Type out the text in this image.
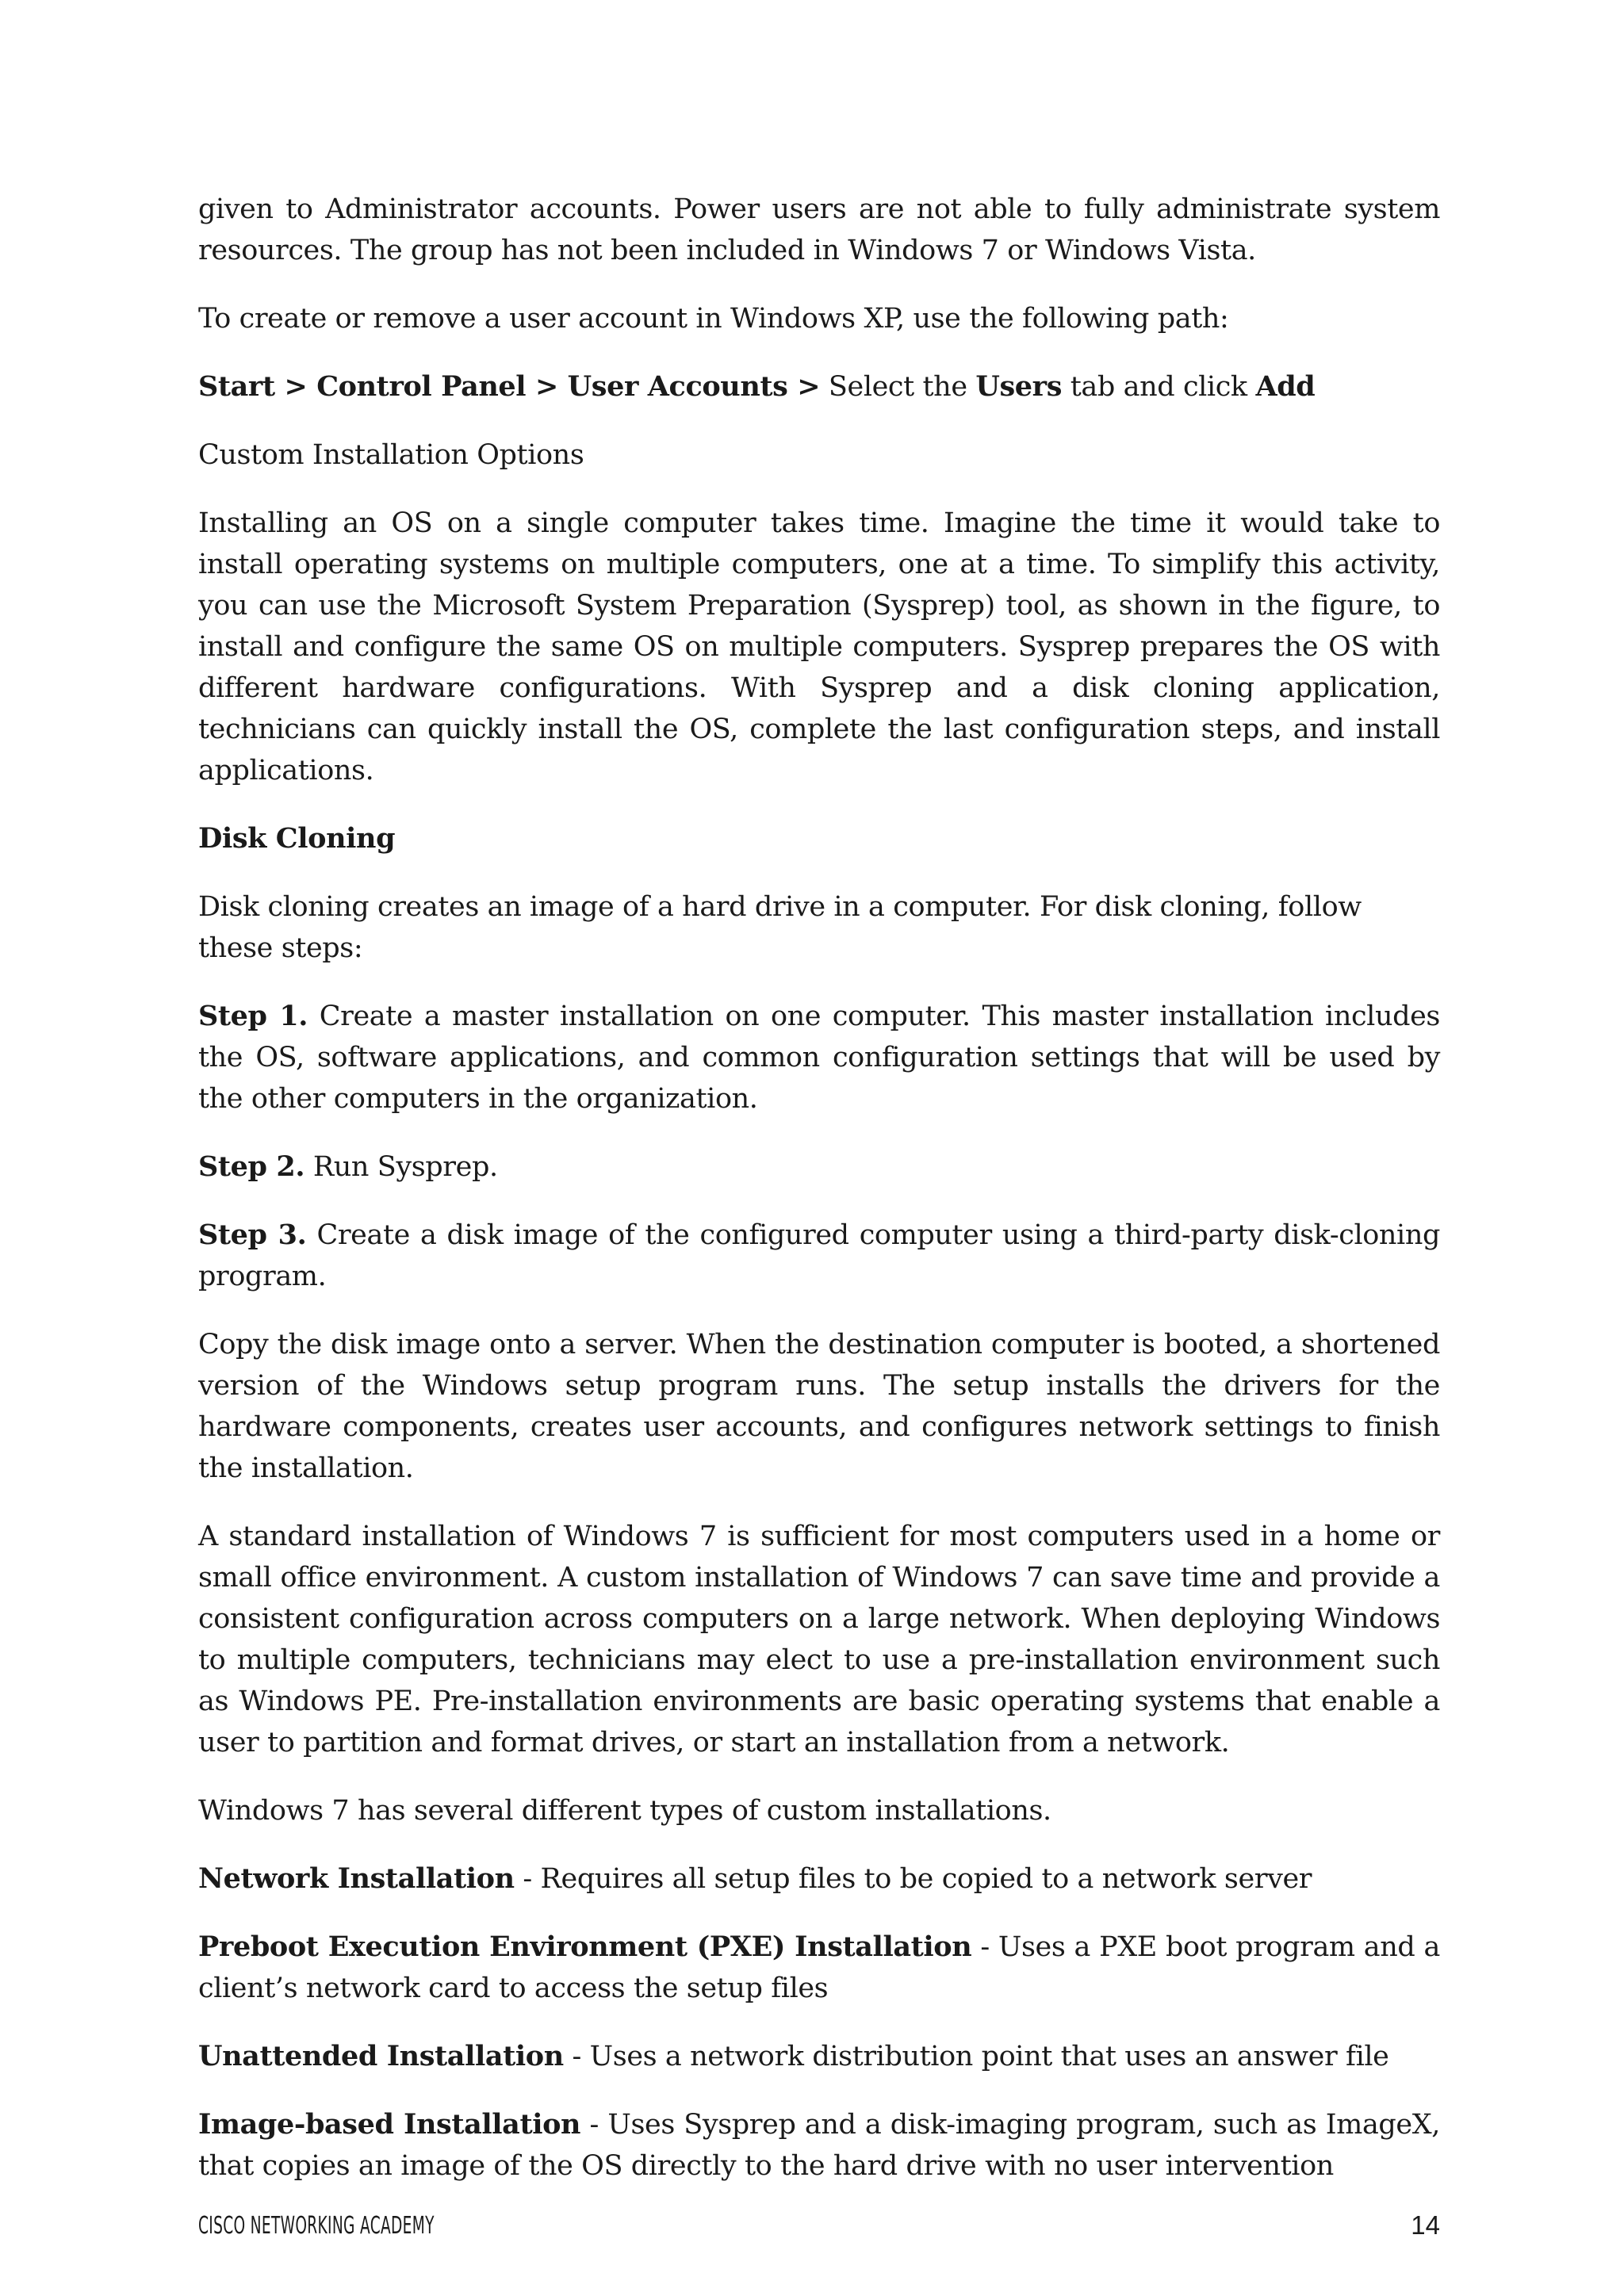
given to Administrator accounts. Power users are not able to fully administrate system resources. The group has not been included in Windows 7 or Windows Vista.

To create or remove a user account in Windows XP, use the following path:

Start > Control Panel > User Accounts > Select the Users tab and click Add

Custom Installation Options

Installing an OS on a single computer takes time. Imagine the time it would take to install operating systems on multiple computers, one at a time. To simplify this activity, you can use the Microsoft System Preparation (Sysprep) tool, as shown in the figure, to install and configure the same OS on multiple computers. Sysprep prepares the OS with different hardware configurations. With Sysprep and a disk cloning application, technicians can quickly install the OS, complete the last configuration steps, and install applications.

Disk Cloning

Disk cloning creates an image of a hard drive in a computer. For disk cloning, follow these steps:

Step 1. Create a master installation on one computer. This master installation includes the OS, software applications, and common configuration settings that will be used by the other computers in the organization.

Step 2. Run Sysprep.

Step 3. Create a disk image of the configured computer using a third-party disk-cloning program.

Copy the disk image onto a server. When the destination computer is booted, a shortened version of the Windows setup program runs. The setup installs the drivers for the hardware components, creates user accounts, and configures network settings to finish the installation.

A standard installation of Windows 7 is sufficient for most computers used in a home or small office environment. A custom installation of Windows 7 can save time and provide a consistent configuration across computers on a large network. When deploying Windows to multiple computers, technicians may elect to use a pre-installation environment such as Windows PE. Pre-installation environments are basic operating systems that enable a user to partition and format drives, or start an installation from a network.

Windows 7 has several different types of custom installations.

Network Installation - Requires all setup files to be copied to a network server

Preboot Execution Environment (PXE) Installation - Uses a PXE boot program and a client’s network card to access the setup files

Unattended Installation - Uses a network distribution point that uses an answer file

Image-based Installation - Uses Sysprep and a disk-imaging program, such as ImageX, that copies an image of the OS directly to the hard drive with no user intervention

CISCO NETWORKING ACADEMY	14
